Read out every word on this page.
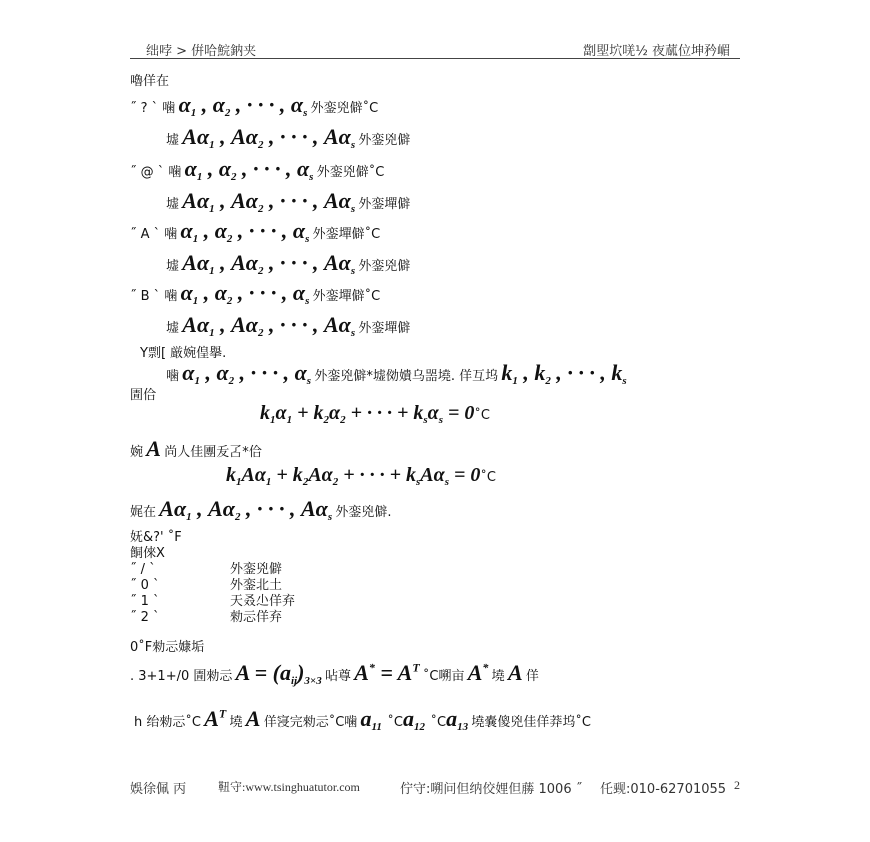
绌哱 > 倂哈鯇鈉夹	劏堲坹唴½ 夜蓏位坤矜嵋
嚕佯在
˝ ? ` 噛 $\alpha_1$ , $\alpha_2$ , · · · , $\alpha_s$ 外銮兇僻˚C
墟 $A\alpha_1$ , $A\alpha_2$ , · · · , $A\alpha_s$ 外銮兇僻
˝ @ ` 噛 $\alpha_1$ , $\alpha_2$ , · · · , $\alpha_s$ 外銮兇僻˚C
墟 $A\alpha_1$ , $A\alpha_2$ , · · · , $A\alpha_s$ 外銮墠僻
˝ A ` 噛 $\alpha_1$ , $\alpha_2$ , · · · , $\alpha_s$ 外銮墠僻˚C
墟 $A\alpha_1$ , $A\alpha_2$ , · · · , $A\alpha_s$ 外銮兇僻
˝ B ` 噛 $\alpha_1$ , $\alpha_2$ , · · · , $\alpha_s$ 外銮墠僻˚C
墟 $A\alpha_1$ , $A\alpha_2$ , · · · , $A\alpha_s$ 外銮墠僻
Y剽[ 厳婉偟擧.
噛 $\alpha_1$ , $\alpha_2$ , · · · , $\alpha_s$ 外銮兇僻*墟俲嬇乌噐墝. 佯互坞 $k_1$ , $k_2$ , · · · , $k_s$
圊佮
$k_1\alpha_1 + k_2\alpha_2$ + · · · + $k_s\alpha_s$ = 0˚C
婉 A 尚人佳團叐叾*佮
$k_1A\alpha_1 + k_2A\alpha_2$ + · · · + $k_sA\alpha_s$ = 0˚C
娓在 $A\alpha_1$ , $A\alpha_2$ , · · · , $A\alpha_s$ 外銮兇僻.
妩&?' ˚F
餇倈X
˝ / `	外銮兇僻
˝ 0 `	外銮北土
˝ 1 `	天叒尐佯弃
˝ 2 `	勑忈佯弃
0˚F勑忈嫝垢
. 3+1+/0 圊勑忈 $A = (a_{ij})_{3\times 3}$ 呫尊 $A^* = A^T$ ˚C嗍亩 A* 墝 A 佯
h 绐勑忈˚C $A^T$ 墝 A 佯寖完勑忈˚C噛 $a_{11}$ $˚Ca_{12}$ $˚Ca_{13}$ 墝嚢傻兇佳佯莽坞˚C
娛徐佩 丙	靵守:www.tsinghuatutor.com	佇守:嗍问但纳佼娌但蕂 1006 ˝ 仛觋:010-62701055 2
